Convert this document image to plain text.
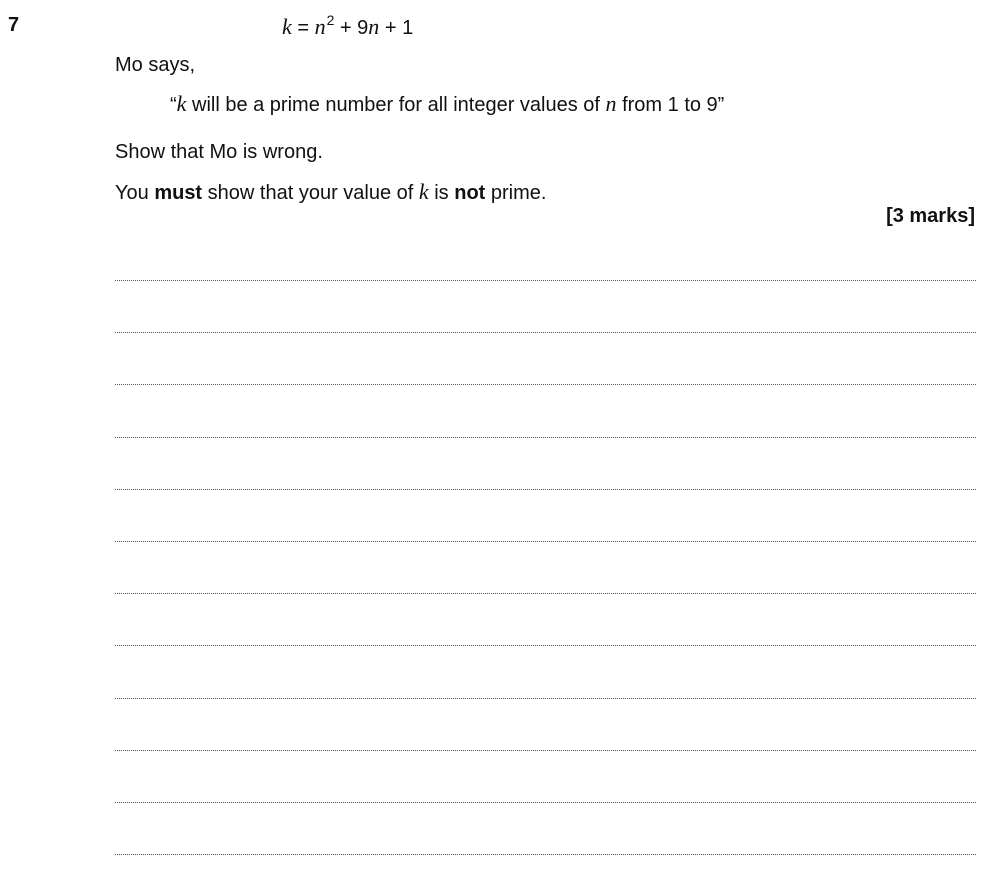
7	$k = n^2 + 9n + 1$
Mo says,
“k will be a prime number for all integer values of n from 1 to 9”
Show that Mo is wrong.
You must show that your value of k is not prime.
[3 marks]
